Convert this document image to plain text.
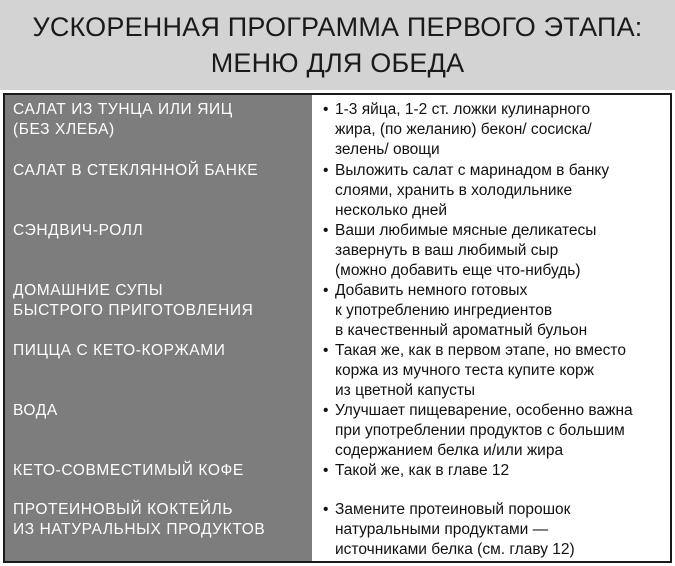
УСКОРЕННАЯ ПРОГРАММА ПЕРВОГО ЭТАПА:
МЕНЮ ДЛЯ ОБЕДА
САЛАТ ИЗ ТУНЦА ИЛИ ЯИЦ
(БЕЗ ХЛЕБА)
• 1-3 яйца, 1-2 ст. ложки кулинарного
жира, (по желанию) бекон/ сосиска/
зелень/ овощи
САЛАТ В СТЕКЛЯННОЙ БАНКЕ	• Выложить салат с маринадом в банку
слоями, хранить в холодильнике
несколько дней
СЭНДВИЧ-РОЛЛ	• Ваши любимые мясные деликатесы
завернуть в ваш любимый сыр
(можно добавить еще что-нибудь)
ДОМАШНИЕ СУПЫ
БЫСТРОГО ПРИГОТОВЛЕНИЯ
• Добавить немного готовых
к употреблению ингредиентов
в качественный ароматный бульон
ПИЦЦА С КЕТО-КОРЖАМИ	• Такая же, как в первом этапе, но вместо
коржа из мучного теста купите корж
из цветной капусты
ВОДА	• Улучшает пищеварение, особенно важна
при употреблении продуктов с большим
содержанием белка и/или жира
КЕТО-СОВМЕСТИМЫЙ КОФЕ	• Такой же, как в главе 12
ПРОТЕИНОВЫЙ КОКТЕЙЛЬ
ИЗ НАТУРАЛЬНЫХ ПРОДУКТОВ
• Замените протеиновый порошок
натуральными продуктами —
источниками белка (см. главу 12)
